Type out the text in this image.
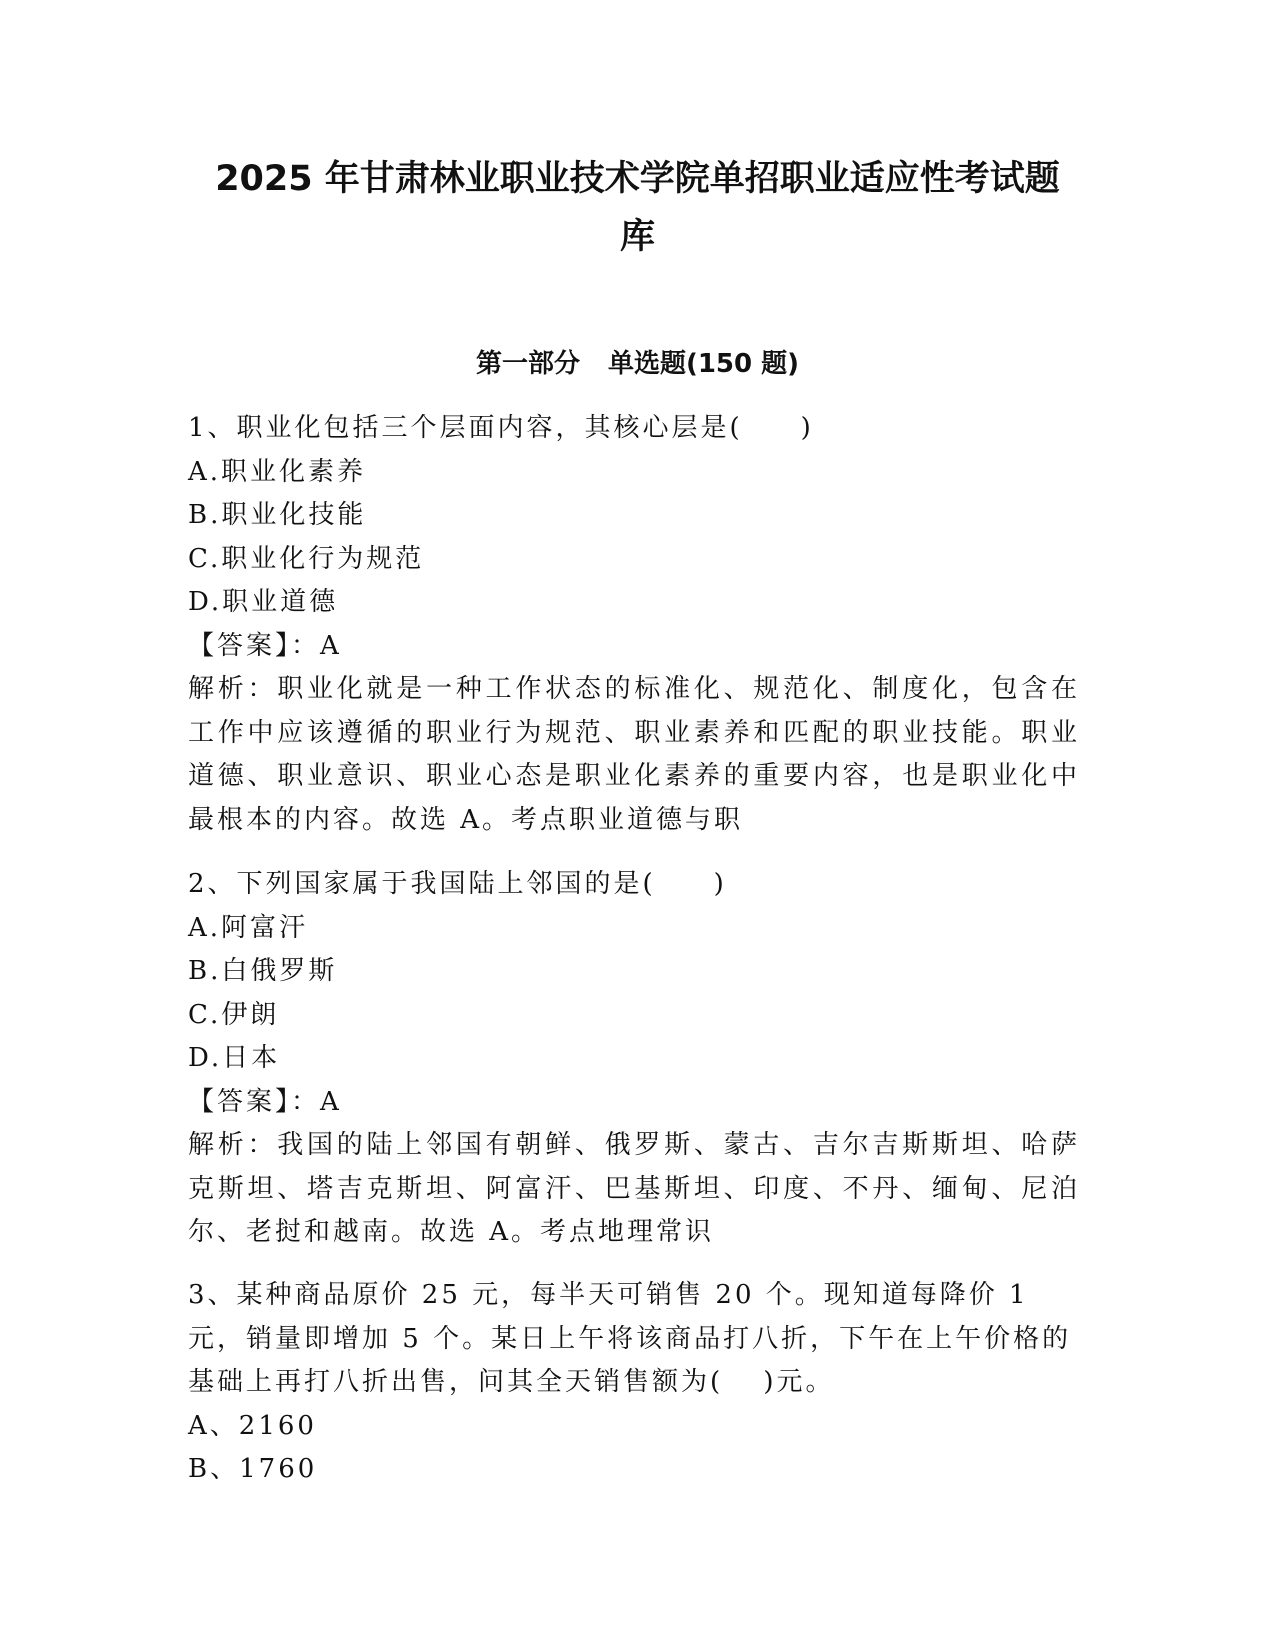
2025 年甘肃林业职业技术学院单招职业适应性考试题
库
第一部分 单选题(150 题)

1、职业化包括三个层面内容，其核心层是(　　)

A.职业化素养

B.职业化技能

C.职业化行为规范

D.职业道德

【答案】：A

解析：职业化就是一种工作状态的标准化、规范化、制度化，包含在工作中应该遵循的职业行为规范、职业素养和匹配的职业技能。职业道德、职业意识、职业心态是职业化素养的重要内容，也是职业化中最根本的内容。故选 A。考点职业道德与职

2、下列国家属于我国陆上邻国的是(　　)

A.阿富汗

B.白俄罗斯

C.伊朗

D.日本

【答案】：A

解析：我国的陆上邻国有朝鲜、俄罗斯、蒙古、吉尔吉斯斯坦、哈萨克斯坦、塔吉克斯坦、阿富汗、巴基斯坦、印度、不丹、缅甸、尼泊尔、老挝和越南。故选 A。考点地理常识

3、某种商品原价 25 元，每半天可销售 20 个。现知道每降价 1 元，销量即增加 5 个。某日上午将该商品打八折，下午在上午价格的基础上再打八折出售，问其全天销售额为(　 )元。

A、2160

B、1760
